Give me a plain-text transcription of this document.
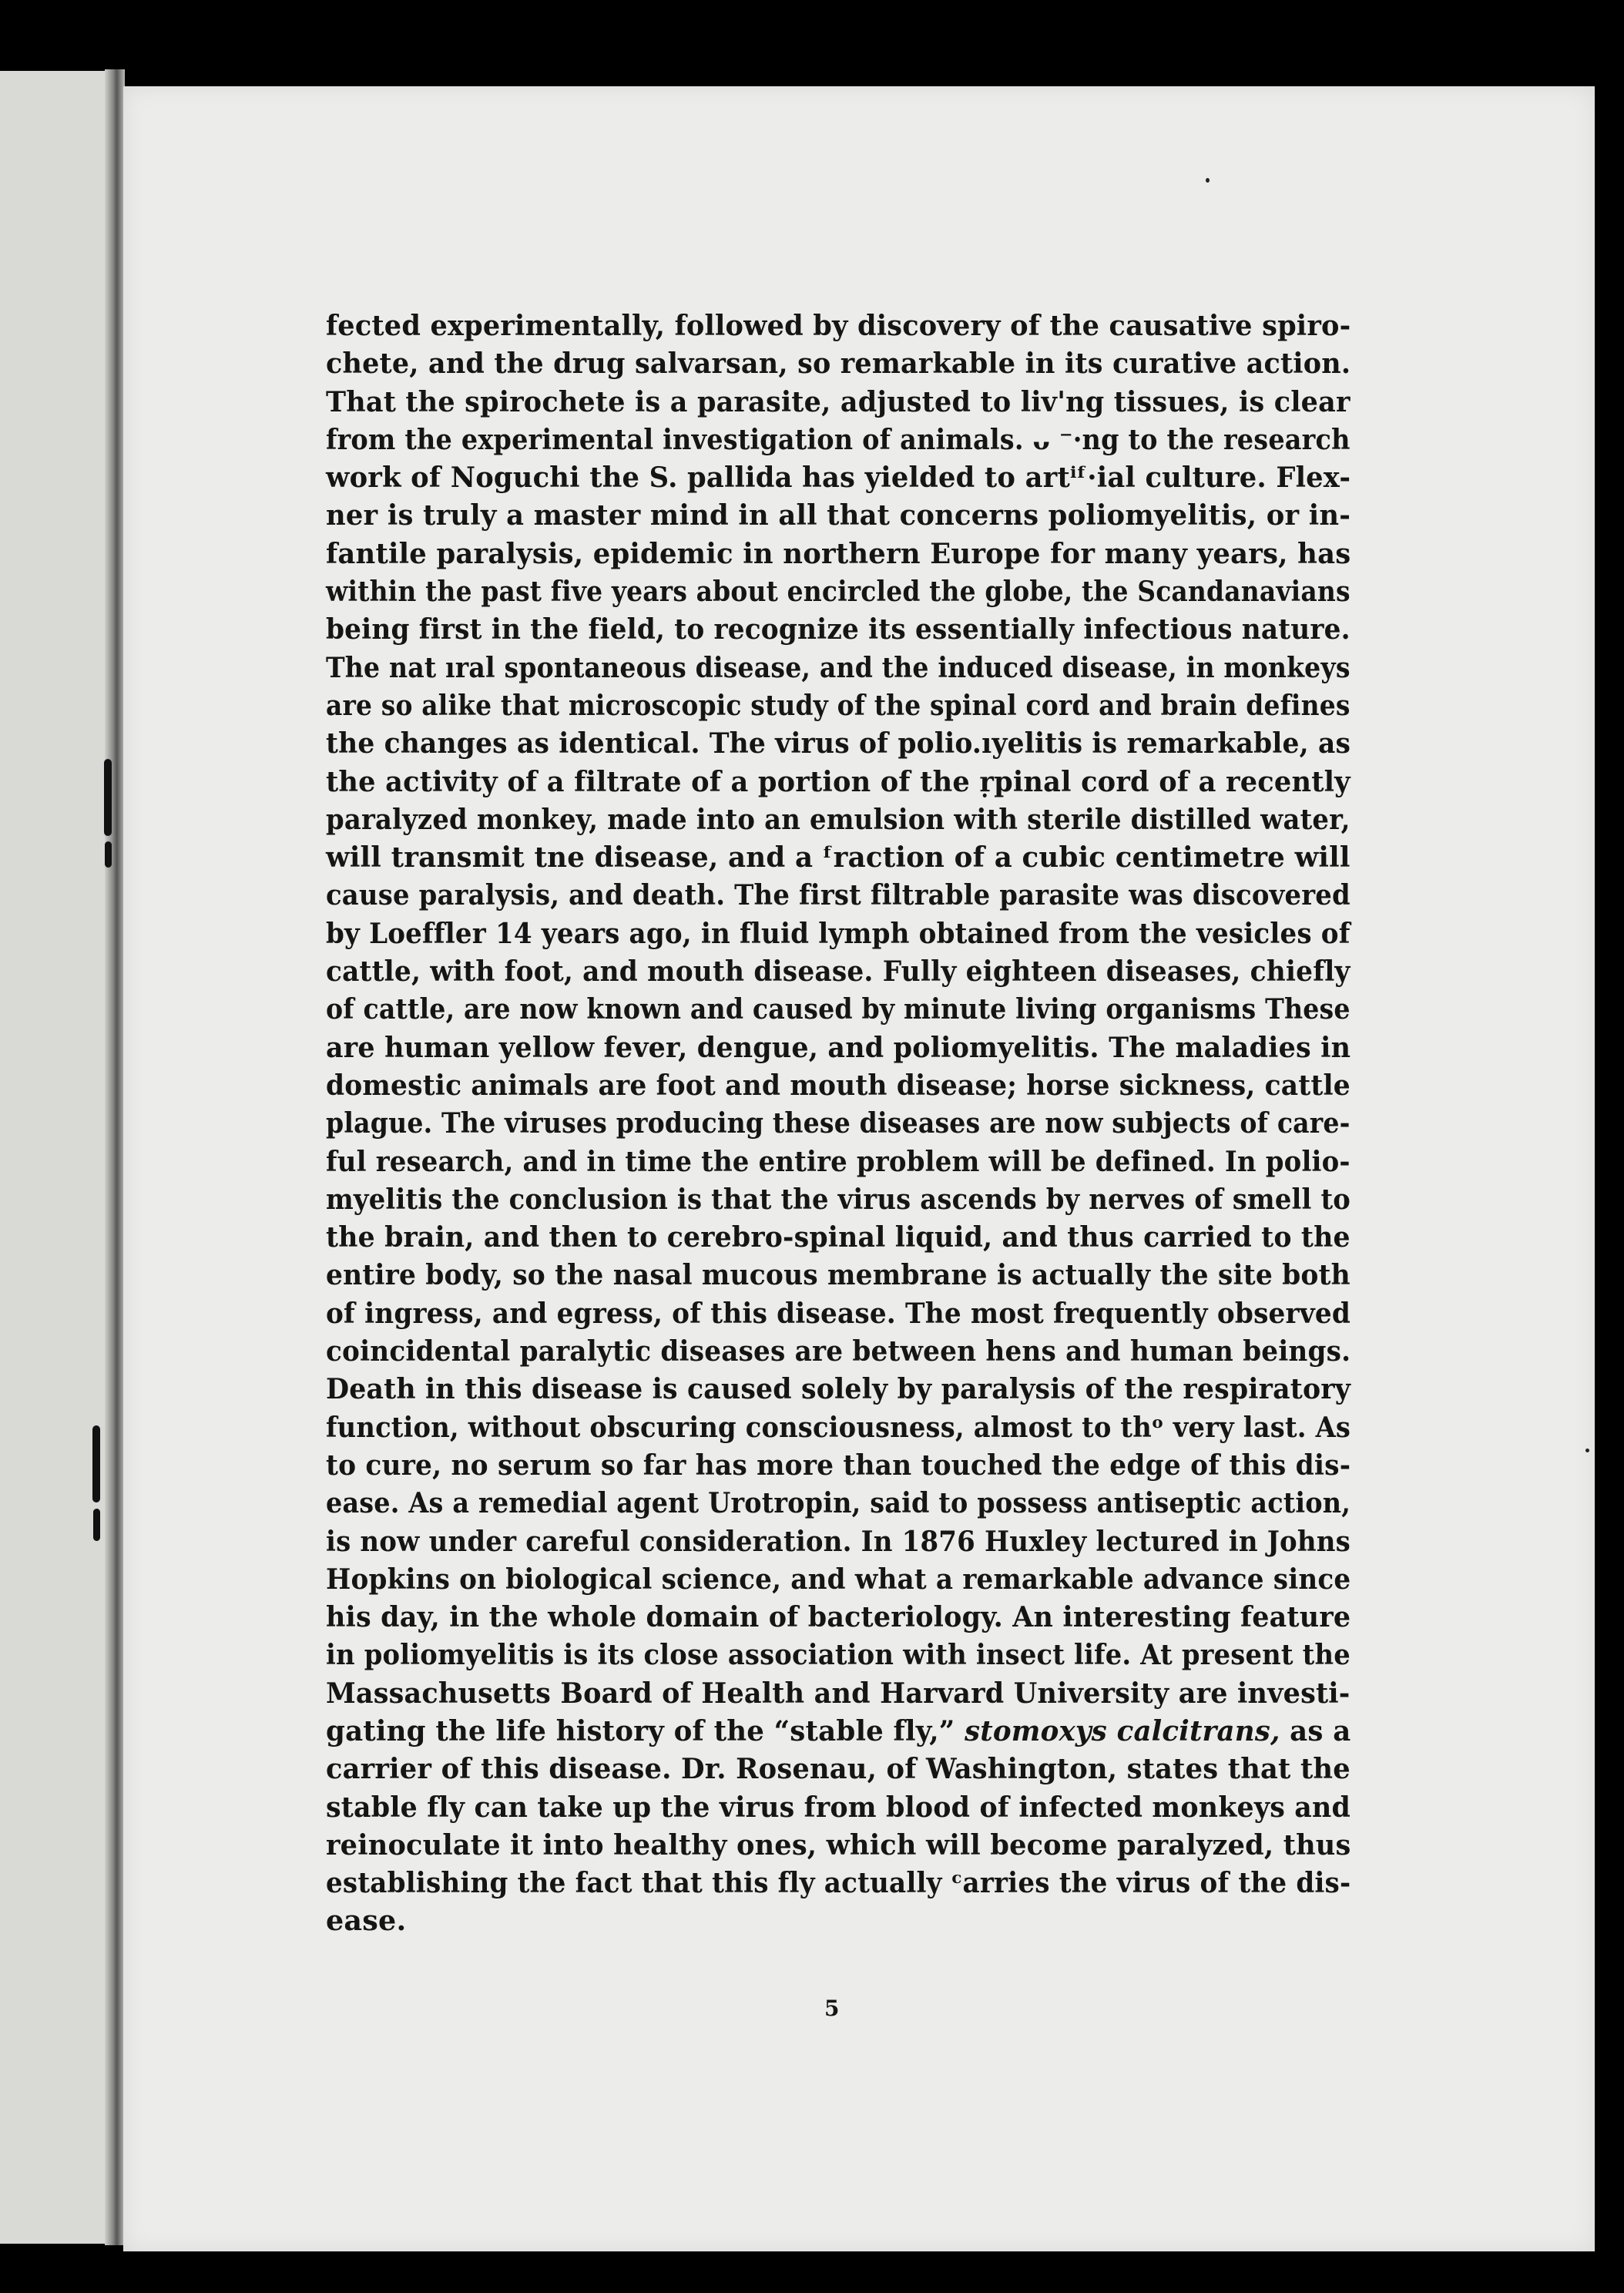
fected experimentally, followed by discovery of the causative spiro-
chete, and the drug salvarsan, so remarkable in its curative action.
That the spirochete is a parasite, adjusted to liv'ng tissues, is clear
from the experimental investigation of animals. ᴗ ⁻·ng to the research
work of Noguchi the S. pallida has yielded to artⁱᶠ·ial culture. Flex-
ner is truly a master mind in all that concerns poliomyelitis, or in-
fantile paralysis, epidemic in northern Europe for many years, has
within the past five years about encircled the globe, the Scandanavians
being first in the field, to recognize its essentially infectious nature.
The nat ıral spontaneous disease, and the induced disease, in monkeys
are so alike that microscopic study of the spinal cord and brain defines
the changes as identical. The virus of polio.ıyelitis is remarkable, as
the activity of a filtrate of a portion of the ṛpinal cord of a recently
paralyzed monkey, made into an emulsion with sterile distilled water,
will transmit tne disease, and a ᶠraction of a cubic centimetre will
cause paralysis, and death. The first filtrable parasite was discovered
by Loeffler 14 years ago, in fluid lymph obtained from the vesicles of
cattle, with foot, and mouth disease. Fully eighteen diseases, chiefly
of cattle, are now known and caused by minute living organisms These
are human yellow fever, dengue, and poliomyelitis. The maladies in
domestic animals are foot and mouth disease; horse sickness, cattle
plague. The viruses producing these diseases are now subjects of care-
ful research, and in time the entire problem will be defined. In polio-
myelitis the conclusion is that the virus ascends by nerves of smell to
the brain, and then to cerebro-spinal liquid, and thus carried to the
entire body, so the nasal mucous membrane is actually the site both
of ingress, and egress, of this disease. The most frequently observed
coincidental paralytic diseases are between hens and human beings.
Death in this disease is caused solely by paralysis of the respiratory
function, without obscuring consciousness, almost to thᵒ very last. As
to cure, no serum so far has more than touched the edge of this dis-
ease. As a remedial agent Urotropin, said to possess antiseptic action,
is now under careful consideration. In 1876 Huxley lectured in Johns
Hopkins on biological science, and what a remarkable advance since
his day, in the whole domain of bacteriology. An interesting feature
in poliomyelitis is its close association with insect life. At present the
Massachusetts Board of Health and Harvard University are investi-
gating the life history of the “stable fly,” stomoxys calcitrans, as a
carrier of this disease. Dr. Rosenau, of Washington, states that the
stable fly can take up the virus from blood of infected monkeys and
reinoculate it into healthy ones, which will become paralyzed, thus
establishing the fact that this fly actually ᶜarries the virus of the dis-
ease.
5
